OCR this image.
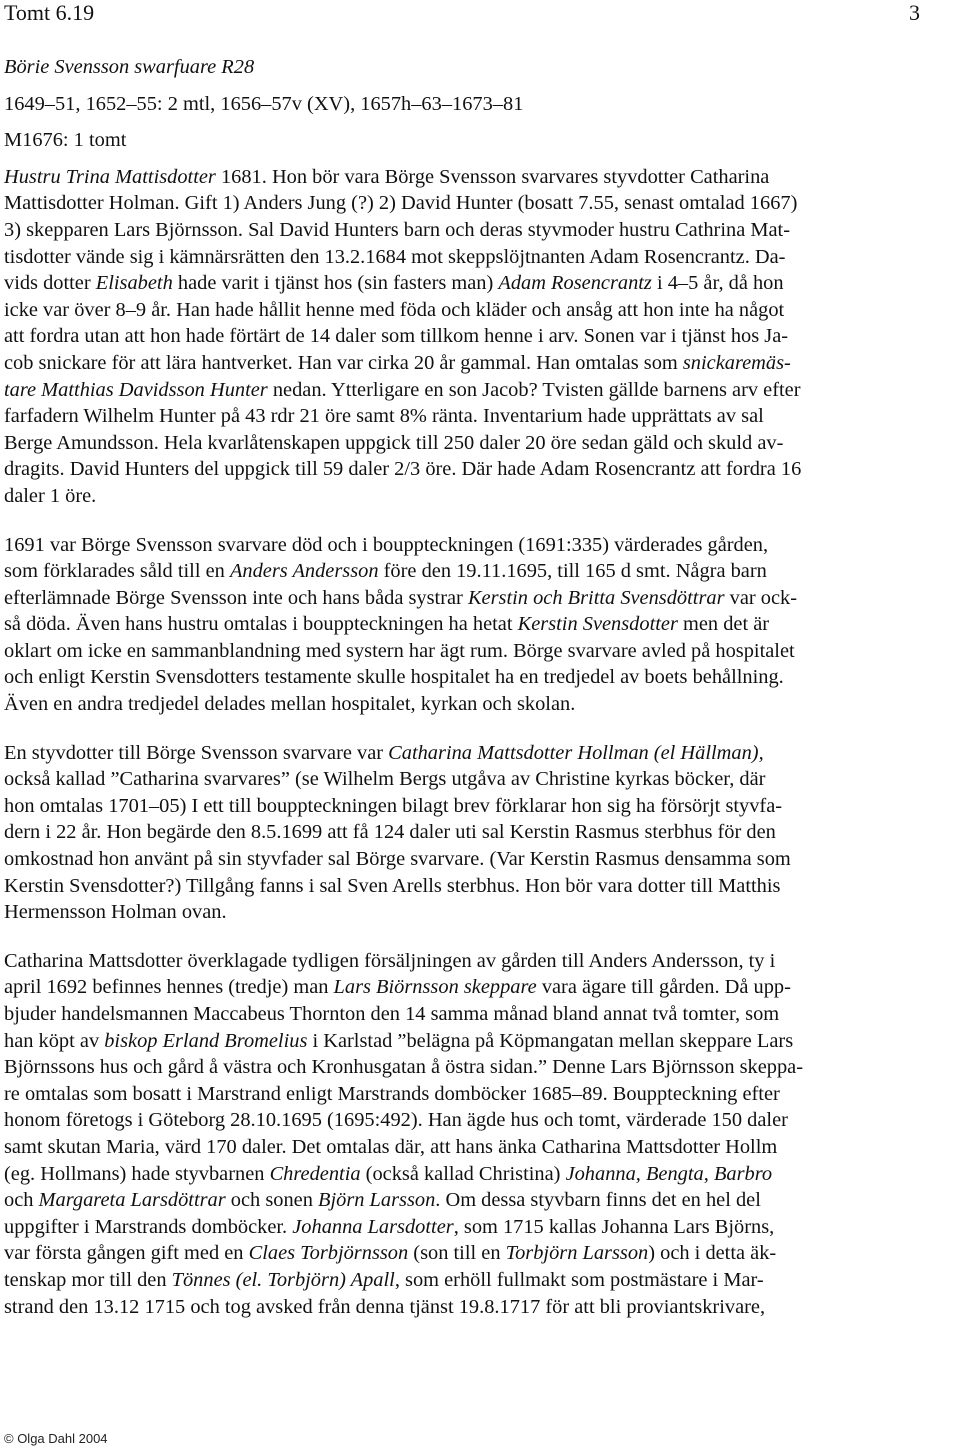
Tomt 6.19	3
Börie Svensson swarfuare R28
1649–51, 1652–55: 2 mtl, 1656–57v (XV), 1657h–63–1673–81
M1676: 1 tomt
Hustru Trina Mattisdotter 1681. Hon bör vara Börge Svensson svarvares styvdotter Catharina
Mattisdotter Holman. Gift 1) Anders Jung (?) 2) David Hunter (bosatt 7.55, senast omtalad 1667)
3) skepparen Lars Björnsson. Sal David Hunters barn och deras styvmoder hustru Cathrina Mat-
tisdotter vände sig i kämnärsrätten den 13.2.1684 mot skeppslöjtnanten Adam Rosencrantz. Da-
vids dotter Elisabeth hade varit i tjänst hos (sin fasters man) Adam Rosencrantz i 4–5 år, då hon
icke var över 8–9 år. Han hade hållit henne med föda och kläder och ansåg att hon inte ha något
att fordra utan att hon hade förtärt de 14 daler som tillkom henne i arv. Sonen var i tjänst hos Ja-
cob snickare för att lära hantverket. Han var cirka 20 år gammal. Han omtalas som snickaremäs-
tare Matthias Davidsson Hunter nedan. Ytterligare en son Jacob? Tvisten gällde barnens arv efter
farfadern Wilhelm Hunter på 43 rdr 21 öre samt 8% ränta. Inventarium hade upprättats av sal
Berge Amundsson. Hela kvarlåtenskapen uppgick till 250 daler 20 öre sedan gäld och skuld av-
dragits. David Hunters del uppgick till 59 daler 2/3 öre. Där hade Adam Rosencrantz att fordra 16
daler 1 öre.
1691 var Börge Svensson svarvare död och i bouppteckningen (1691:335) värderades gården,
som förklarades såld till en Anders Andersson före den 19.11.1695, till 165 d smt. Några barn
efterlämnade Börge Svensson inte och hans båda systrar Kerstin och Britta Svensdöttrar var ock-
så döda. Även hans hustru omtalas i bouppteckningen ha hetat Kerstin Svensdotter men det är
oklart om icke en sammanblandning med systern har ägt rum. Börge svarvare avled på hospitalet
och enligt Kerstin Svensdotters testamente skulle hospitalet ha en tredjedel av boets behållning.
Även en andra tredjedel delades mellan hospitalet, kyrkan och skolan.
En styvdotter till Börge Svensson svarvare var Catharina Mattsdotter Hollman (el Hällman),
också kallad ”Catharina svarvares” (se Wilhelm Bergs utgåva av Christine kyrkas böcker, där
hon omtalas 1701–05) I ett till bouppteckningen bilagt brev förklarar hon sig ha försörjt styvfa-
dern i 22 år. Hon begärde den 8.5.1699 att få 124 daler uti sal Kerstin Rasmus sterbhus för den
omkostnad hon använt på sin styvfader sal Börge svarvare. (Var Kerstin Rasmus densamma som
Kerstin Svensdotter?) Tillgång fanns i sal Sven Arells sterbhus. Hon bör vara dotter till Matthis
Hermensson Holman ovan.
Catharina Mattsdotter överklagade tydligen försäljningen av gården till Anders Andersson, ty i
april 1692 befinnes hennes (tredje) man Lars Biörnsson skeppare vara ägare till gården. Då upp-
bjuder handelsmannen Maccabeus Thornton den 14 samma månad bland annat två tomter, som
han köpt av biskop Erland Bromelius i Karlstad ”belägna på Köpmangatan mellan skeppare Lars
Björnssons hus och gård å västra och Kronhusgatan å östra sidan.” Denne Lars Björnsson skeppa-
re omtalas som bosatt i Marstrand enligt Marstrands domböcker 1685–89. Bouppteckning efter
honom företogs i Göteborg 28.10.1695 (1695:492). Han ägde hus och tomt, värderade 150 daler
samt skutan Maria, värd 170 daler. Det omtalas där, att hans änka Catharina Mattsdotter Hollm
(eg. Hollmans) hade styvbarnen Chredentia (också kallad Christina) Johanna, Bengta, Barbro
och Margareta Larsdöttrar och sonen Björn Larsson. Om dessa styvbarn finns det en hel del
uppgifter i Marstrands domböcker. Johanna Larsdotter, som 1715 kallas Johanna Lars Björns,
var första gången gift med en Claes Torbjörnsson (son till en Torbjörn Larsson) och i detta äk-
tenskap mor till den Tönnes (el. Torbjörn) Apall, som erhöll fullmakt som postmästare i Mar-
strand den 13.12 1715 och tog avsked från denna tjänst 19.8.1717 för att bli proviantskrivare,
© Olga Dahl 2004
